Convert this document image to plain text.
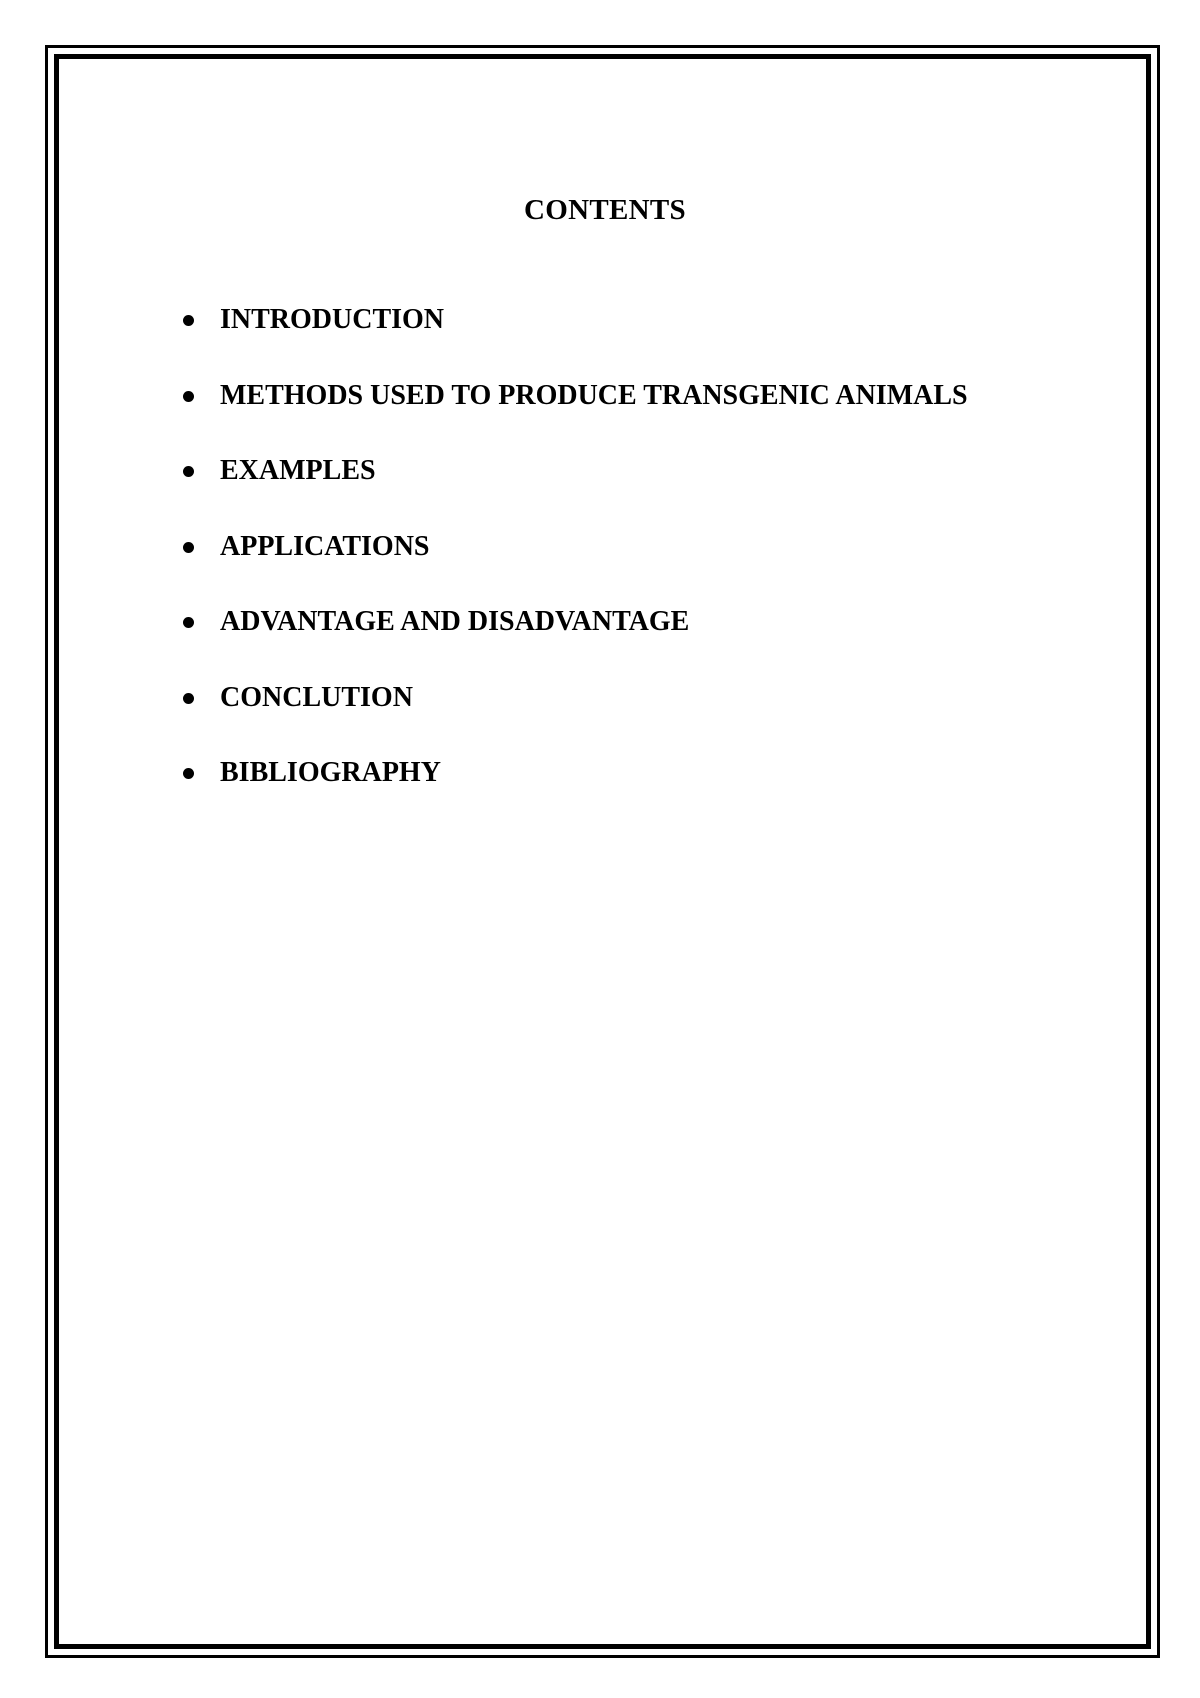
CONTENTS
INTRODUCTION
METHODS USED TO PRODUCE TRANSGENIC ANIMALS
EXAMPLES
APPLICATIONS
ADVANTAGE AND DISADVANTAGE
CONCLUTION
BIBLIOGRAPHY
